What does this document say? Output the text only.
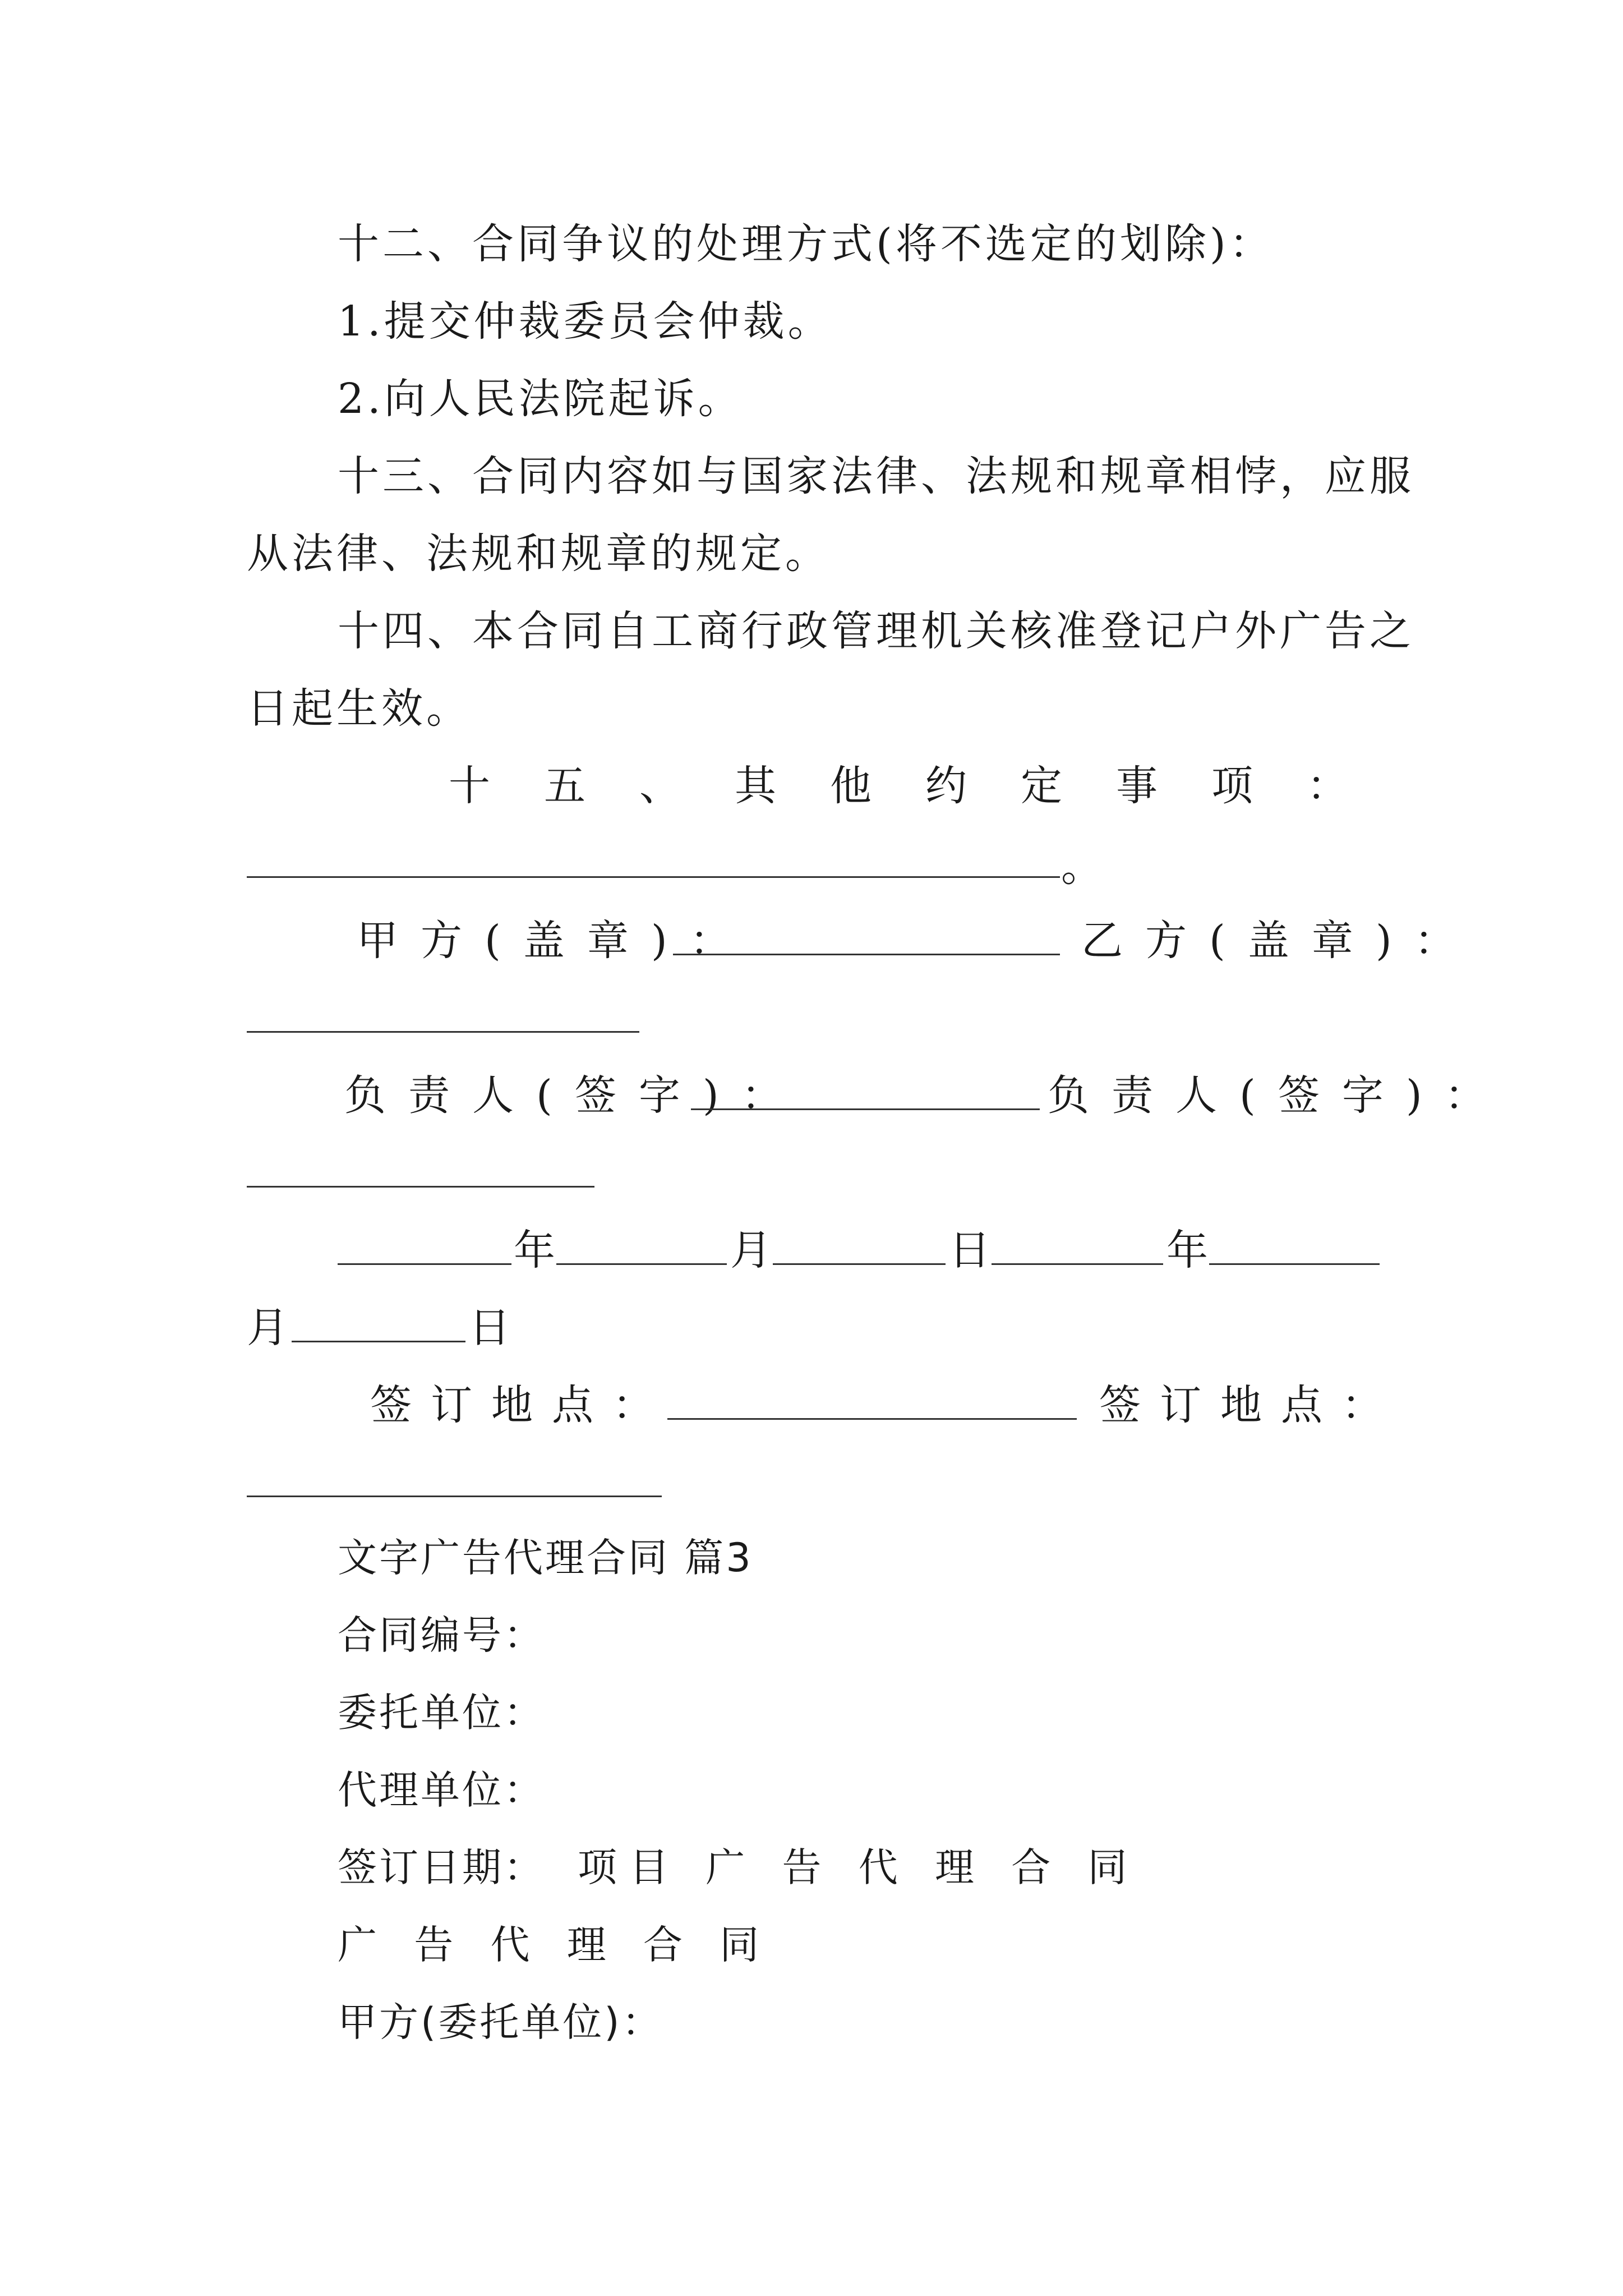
十二、合同争议的处理方式(将不选定的划除)：
1.提交仲裁委员会仲裁。
2.向人民法院起诉。
十三、合同内容如与国家法律、法规和规章相悖，应服
从法律、法规和规章的规定。
十四、本合同自工商行政管理机关核准登记户外广告之
日起生效。
十五、其他约定事项：
。
甲方(盖章)：	乙方(盖章)：
负责人(签字)：	负责人(签字)：
年	月	日	年
月	日
签订地点：	签订地点：
文字广告代理合同 篇3
合同编号：
委托单位：
代理单位：
签订日期： 项目 广 告 代 理 合 同
广 告 代 理 合 同
甲方(委托单位)：
